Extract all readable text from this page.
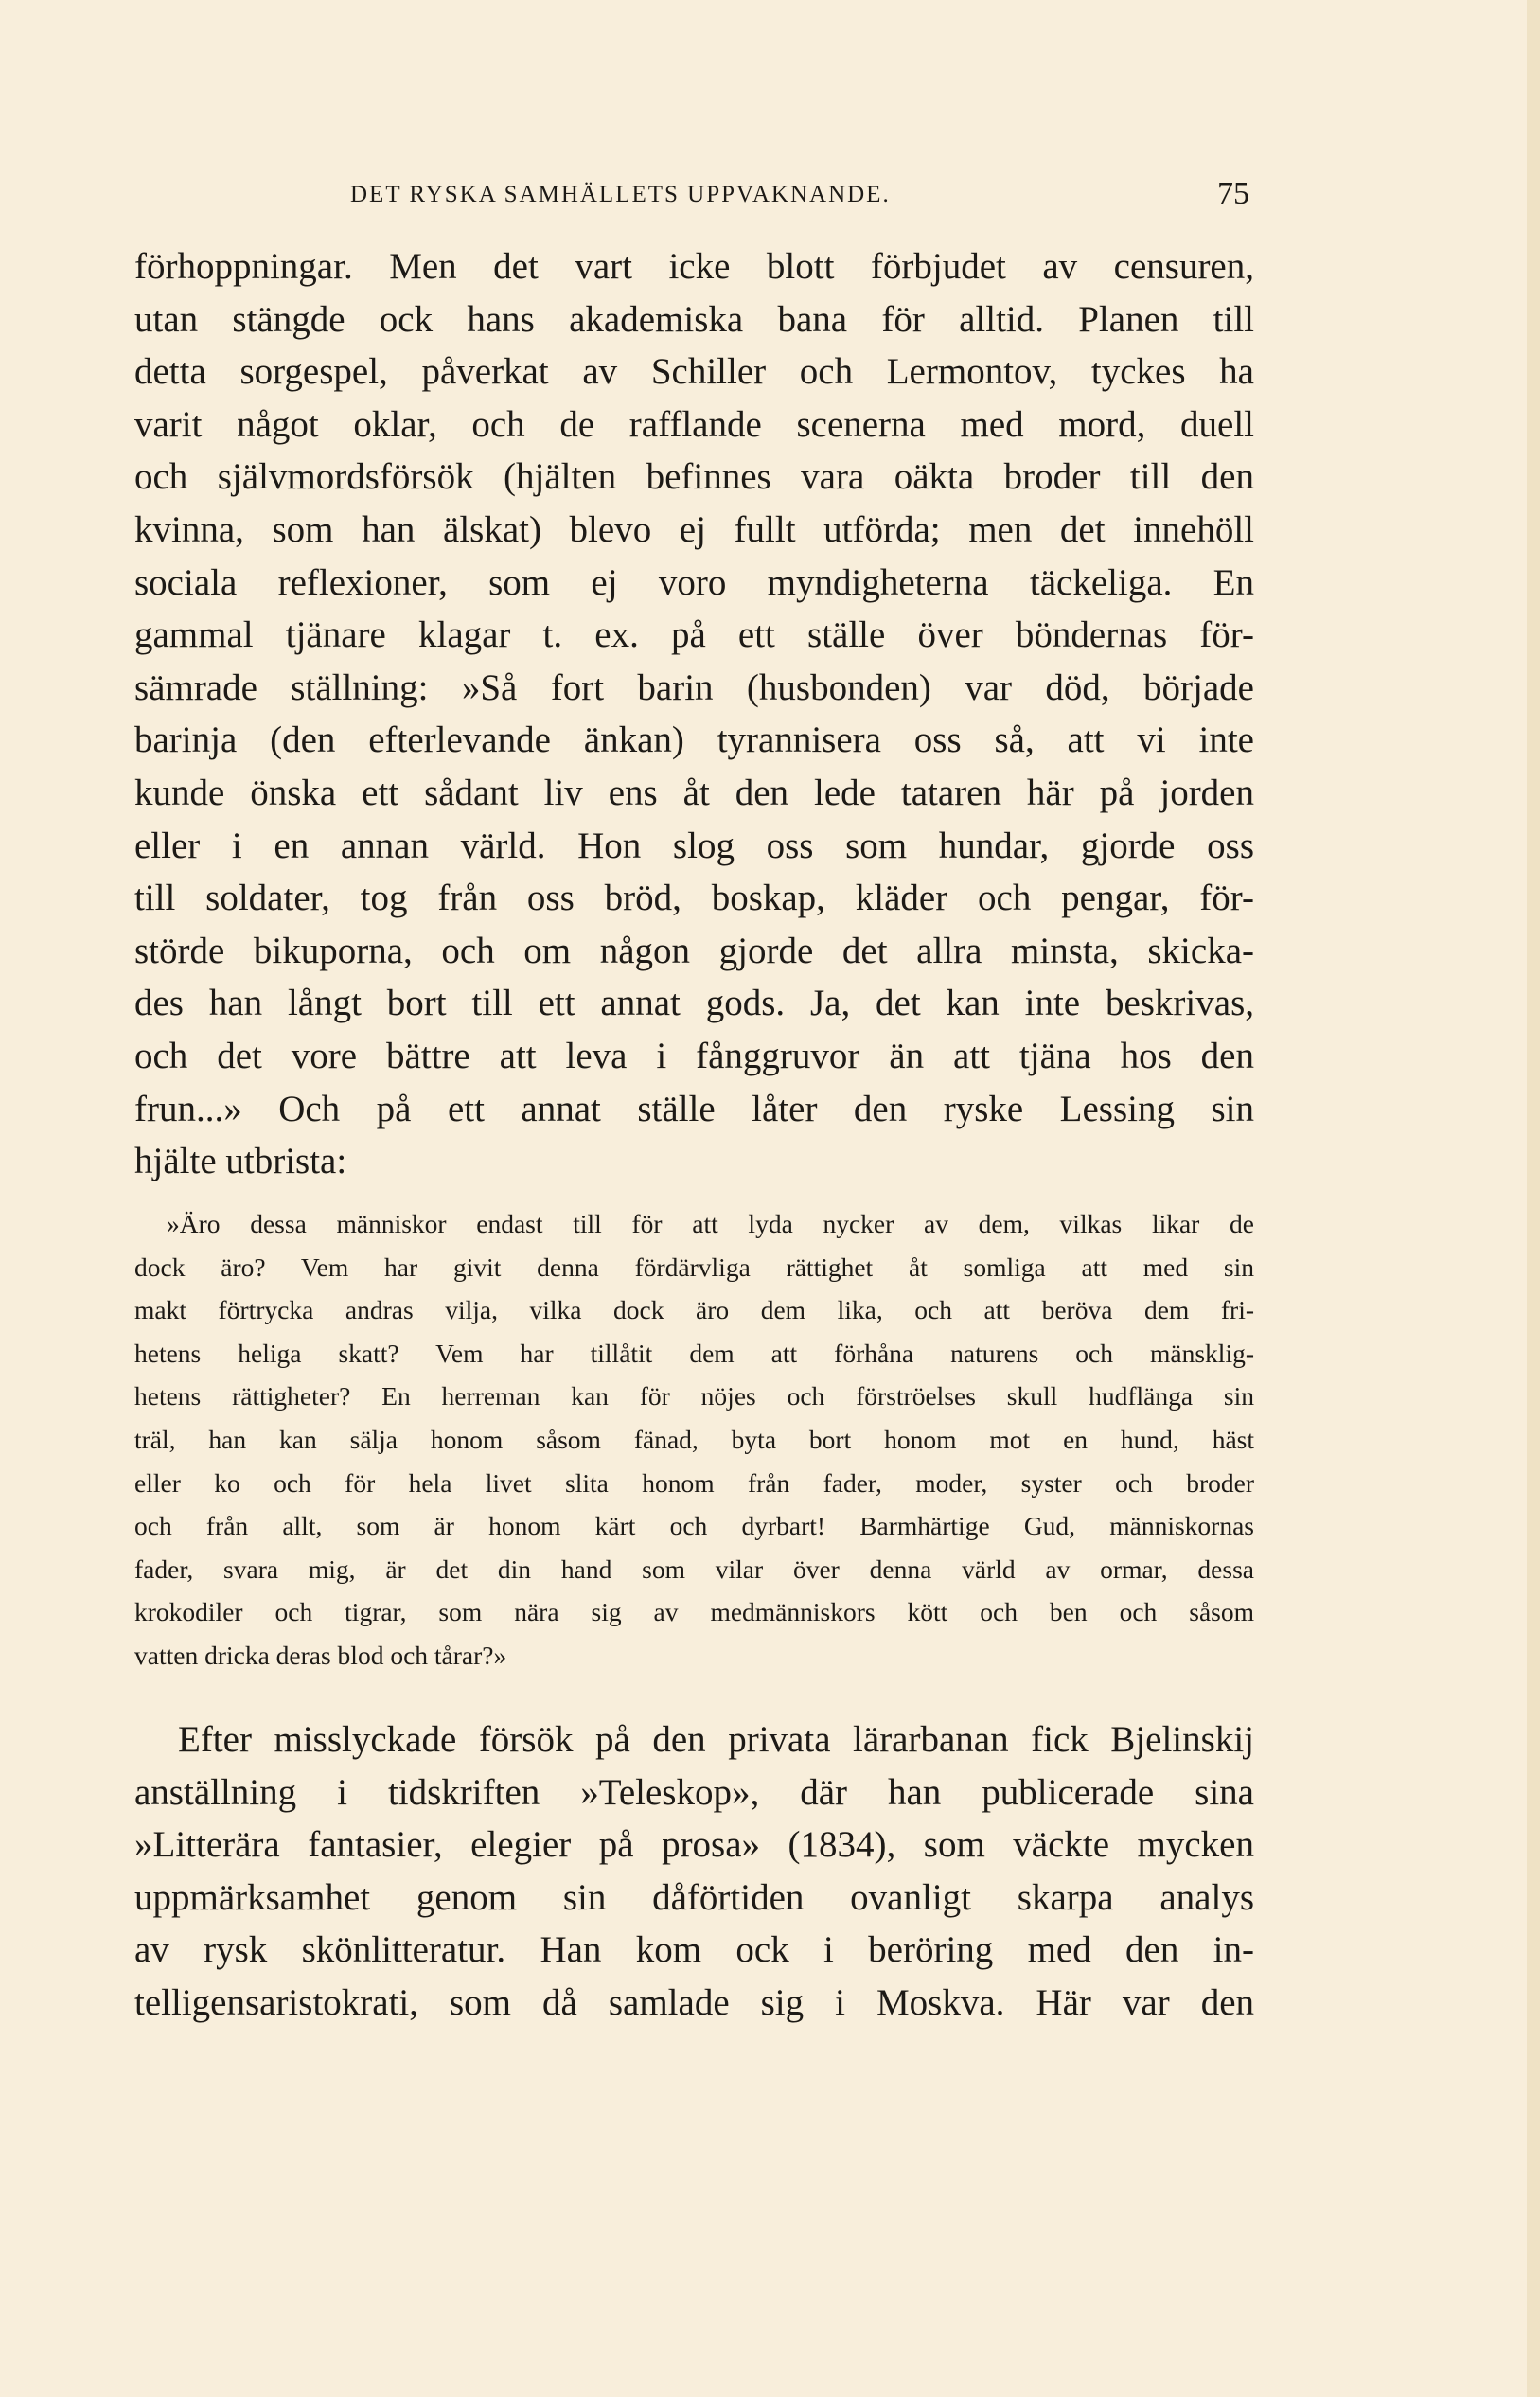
DET RYSKA SAMHÄLLETS UPPVAKNANDE.	75
förhoppningar. Men det vart icke blott förbjudet av censuren,
utan stängde ock hans akademiska bana för alltid. Planen till
detta sorgespel, påverkat av Schiller och Lermontov, tyckes ha
varit något oklar, och de rafflande scenerna med mord, duell
och självmordsförsök (hjälten befinnes vara oäkta broder till den
kvinna, som han älskat) blevo ej fullt utförda; men det innehöll
sociala reflexioner, som ej voro myndigheterna täckeliga. En
gammal tjänare klagar t. ex. på ett ställe över böndernas för-
sämrade ställning: »Så fort barin (husbonden) var död, började
barinja (den efterlevande änkan) tyrannisera oss så, att vi inte
kunde önska ett sådant liv ens åt den lede tataren här på jorden
eller i en annan värld. Hon slog oss som hundar, gjorde oss
till soldater, tog från oss bröd, boskap, kläder och pengar, för-
störde bikuporna, och om någon gjorde det allra minsta, skicka-
des han långt bort till ett annat gods. Ja, det kan inte beskrivas,
och det vore bättre att leva i fånggruvor än att tjäna hos den
frun...» Och på ett annat ställe låter den ryske Lessing sin
hjälte utbrista:
»Äro dessa människor endast till för att lyda nycker av dem, vilkas likar de
dock äro? Vem har givit denna fördärvliga rättighet åt somliga att med sin
makt förtrycka andras vilja, vilka dock äro dem lika, och att beröva dem fri-
hetens heliga skatt? Vem har tillåtit dem att förhåna naturens och mänsklig-
hetens rättigheter? En herreman kan för nöjes och förströelses skull hudflänga sin
träl, han kan sälja honom såsom fänad, byta bort honom mot en hund, häst
eller ko och för hela livet slita honom från fader, moder, syster och broder
och från allt, som är honom kärt och dyrbart! Barmhärtige Gud, människornas
fader, svara mig, är det din hand som vilar över denna värld av ormar, dessa
krokodiler och tigrar, som nära sig av medmänniskors kött och ben och såsom
vatten dricka deras blod och tårar?»
Efter misslyckade försök på den privata lärarbanan fick Bjelinskij
anställning i tidskriften »Teleskop», där han publicerade sina
»Litterära fantasier, elegier på prosa» (1834), som väckte mycken
uppmärksamhet genom sin dåförtiden ovanligt skarpa analys
av rysk skönlitteratur. Han kom ock i beröring med den in-
telligensaristokrati, som då samlade sig i Moskva. Här var den
